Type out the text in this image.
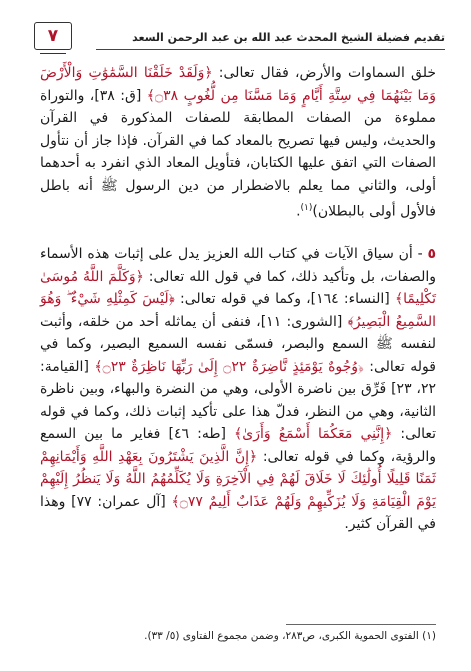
تقديم فضيلة الشيخ المحدث عبد الله بن عبد الرحمن السعد
٧

خلق السماوات والأرض، فقال تعالى: ﴿وَلَقَدْ خَلَقْنَا السَّمَٰوَٰتِ وَالْأَرْضَ وَمَا بَيْنَهُمَا فِي سِتَّةِ أَيَّامٍ وَمَا مَسَّنَا مِن لُّغُوبٍ ۝٣٨﴾ [ق: ٣٨]، والتوراة مملوءة من الصفات المطابقة للصفات المذكورة في القرآن والحديث، وليس فيها تصريح بالمعاد كما في القرآن. فإذا جاز أن نتأول الصفات التي اتفق عليها الكتابان، فتأويل المعاد الذي انفرد به أحدهما أولى، والثاني مما يعلم بالاضطرار من دين الرسول ﷺ أنه باطل فالأول أولى بالبطلان)$^{(١)}$.

٥ - أن سياق الآيات في كتاب الله العزيز يدل على إثبات هذه الأسماء والصفات، بل وتأكيد ذلك، كما في قول الله تعالى: ﴿وَكَلَّمَ اللَّهُ مُوسَىٰ تَكْلِيمًا﴾ [النساء: ١٦٤]، وكما في قوله تعالى: ﴿لَيْسَ كَمِثْلِهِ شَيْءٌ ۖ وَهُوَ السَّمِيعُ الْبَصِيرُ﴾ [الشورى: ١١]، فنفى أن يماثله أحد من خلقه، وأثبت لنفسه ﷺ السمع والبصر، فسمّى نفسه السميع البصير، وكما في قوله تعالى: ﴿وُجُوهٌ يَوْمَئِذٍ نَّاضِرَةٌ ۝٢٢ إِلَىٰ رَبِّهَا نَاظِرَةٌ ۝٢٣﴾ [القيامة: ٢٢، ٢٣] فَرِّق بين ناضرة الأولى، وهي من النضرة والبهاء، وبين ناظرة الثانية، وهي من النظر، فدلّ هذا على تأكيد إثبات ذلك، وكما في قوله تعالى: ﴿إِنَّنِي مَعَكُمَا أَسْمَعُ وَأَرَىٰ﴾ [طه: ٤٦] فغاير ما بين السمع والرؤية، وكما في قوله تعالى: ﴿إِنَّ الَّذِينَ يَشْتَرُونَ بِعَهْدِ اللَّهِ وَأَيْمَانِهِمْ ثَمَنًا قَلِيلًا أُولَٰئِكَ لَا خَلَاقَ لَهُمْ فِي الْآخِرَةِ وَلَا يُكَلِّمُهُمُ اللَّهُ وَلَا يَنظُرُ إِلَيْهِمْ يَوْمَ الْقِيَامَةِ وَلَا يُزَكِّيهِمْ وَلَهُمْ عَذَابٌ أَلِيمٌ ۝٧٧﴾ [آل عمران: ٧٧] وهذا في القرآن كثير.

(١) الفتوى الحموية الكبرى، ص٢٨٣، وضمن مجموع الفتاوى (٥/ ٣٣).
